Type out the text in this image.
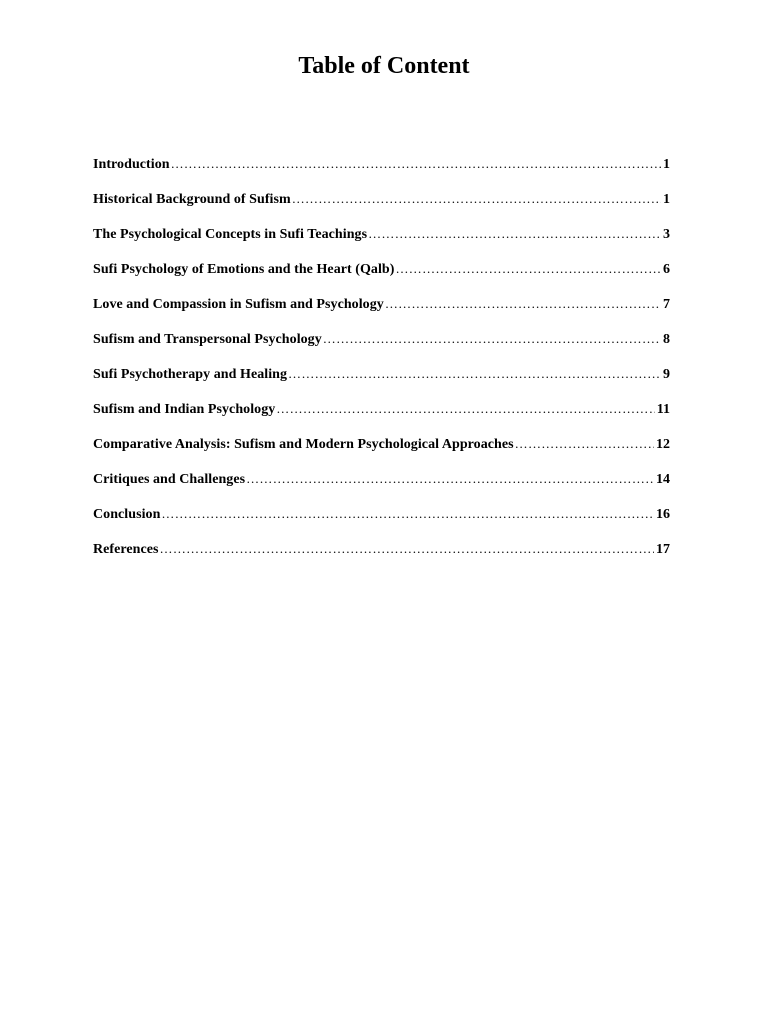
Table of Content
Introduction …………………………………………………………………………………………………………………………………………………………………………	1
Historical Background of Sufism …………………………………………………………………………………………………………………………………………………………………………	1
The Psychological Concepts in Sufi Teachings …………………………………………………………………………………………………………………………………………………………………………	3
Sufi Psychology of Emotions and the Heart (Qalb) …………………………………………………………………………………………………………………………………………………………………………	6
Love and Compassion in Sufism and Psychology …………………………………………………………………………………………………………………………………………………………………………	7
Sufism and Transpersonal Psychology …………………………………………………………………………………………………………………………………………………………………………	8
Sufi Psychotherapy and Healing …………………………………………………………………………………………………………………………………………………………………………	9
Sufism and Indian Psychology …………………………………………………………………………………………………………………………………………………………………………	11
Comparative Analysis: Sufism and Modern Psychological Approaches …………………………………………………………………………………………………………………………………………………………………………	12
Critiques and Challenges …………………………………………………………………………………………………………………………………………………………………………	14
Conclusion …………………………………………………………………………………………………………………………………………………………………………	16
References …………………………………………………………………………………………………………………………………………………………………………	17
